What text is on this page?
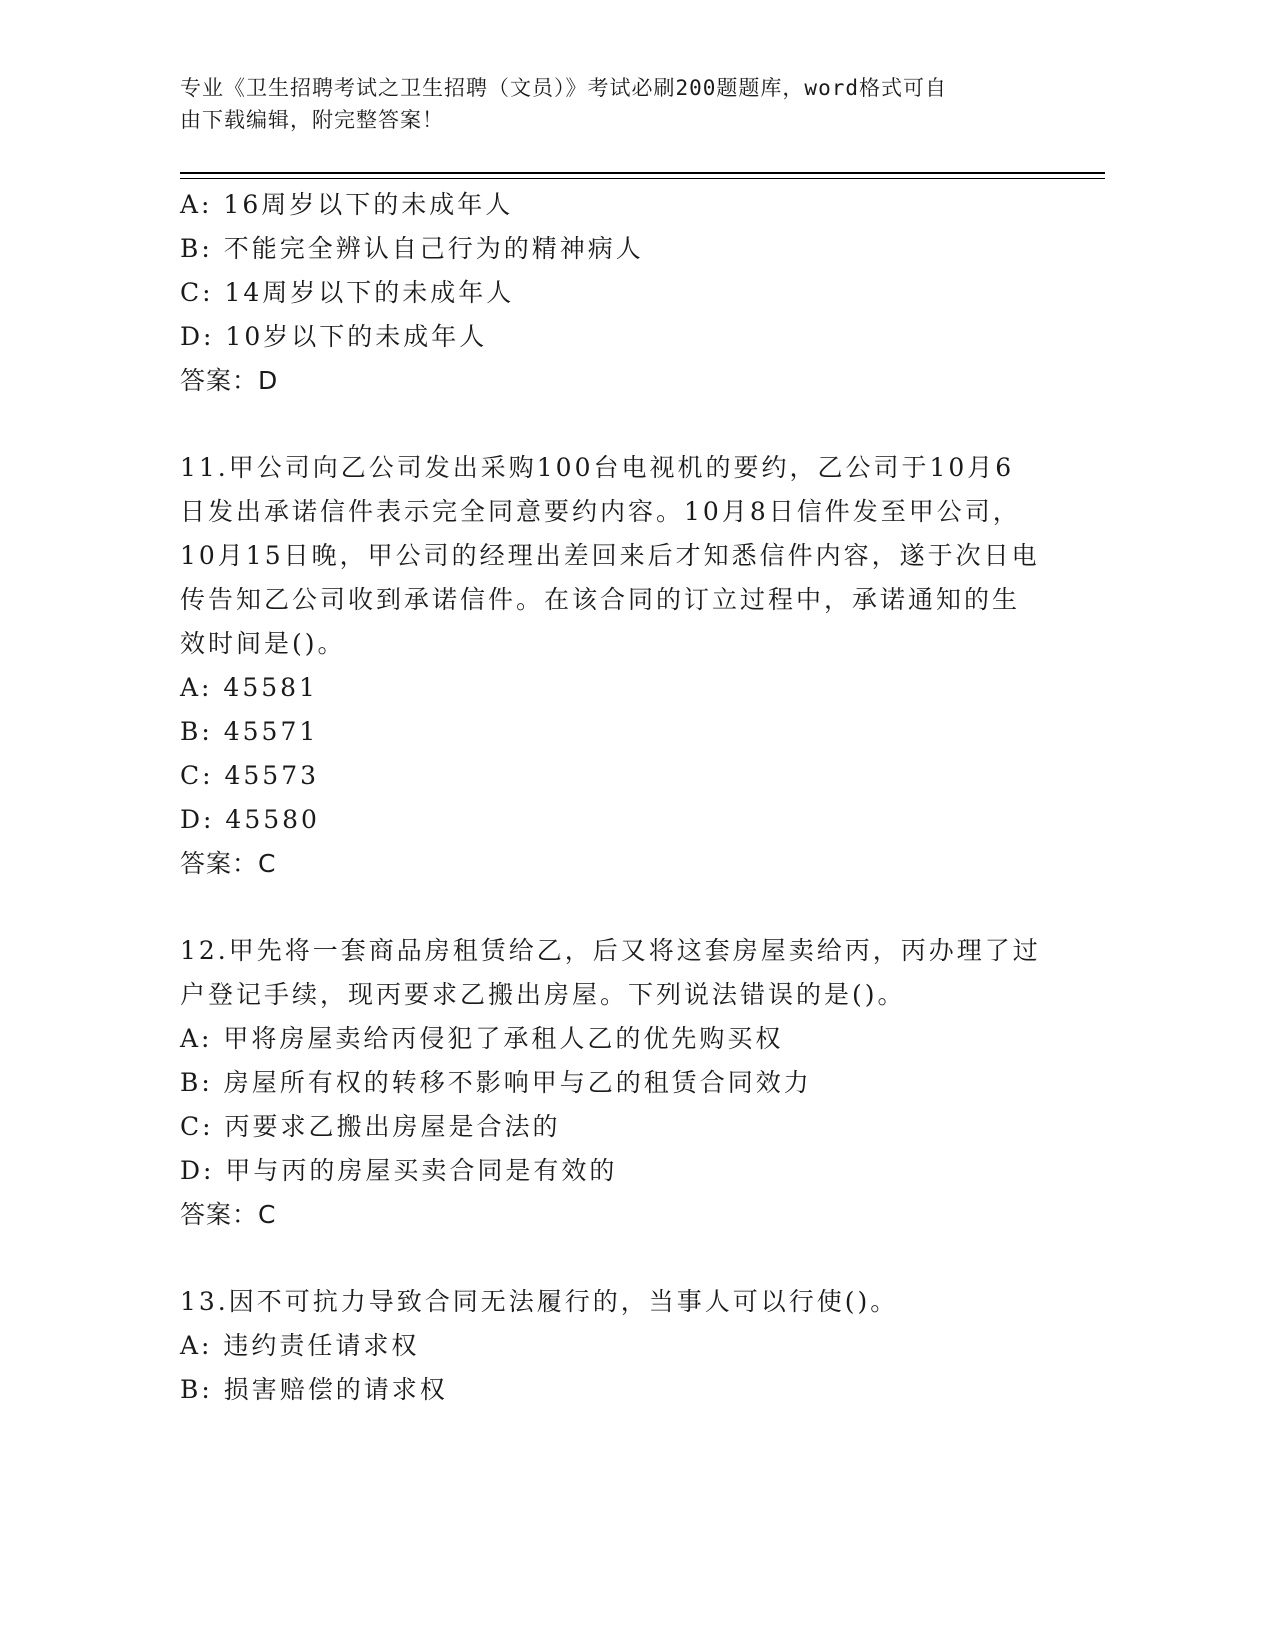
专业《卫生招聘考试之卫生招聘（文员）》考试必刷200题题库，word格式可自
由下载编辑，附完整答案！
A: 16周岁以下的未成年人
B: 不能完全辨认自己行为的精神病人
C: 14周岁以下的未成年人
D: 10岁以下的未成年人
答案：D
11.甲公司向乙公司发出采购100台电视机的要约，乙公司于10月6
日发出承诺信件表示完全同意要约内容。10月8日信件发至甲公司，
10月15日晚，甲公司的经理出差回来后才知悉信件内容，遂于次日电
传告知乙公司收到承诺信件。在该合同的订立过程中，承诺通知的生
效时间是()。
A: 45581
B: 45571
C: 45573
D: 45580
答案：C
12.甲先将一套商品房租赁给乙，后又将这套房屋卖给丙，丙办理了过
户登记手续，现丙要求乙搬出房屋。下列说法错误的是()。
A: 甲将房屋卖给丙侵犯了承租人乙的优先购买权
B: 房屋所有权的转移不影响甲与乙的租赁合同效力
C: 丙要求乙搬出房屋是合法的
D: 甲与丙的房屋买卖合同是有效的
答案：C
13.因不可抗力导致合同无法履行的，当事人可以行使()。
A: 违约责任请求权
B: 损害赔偿的请求权
